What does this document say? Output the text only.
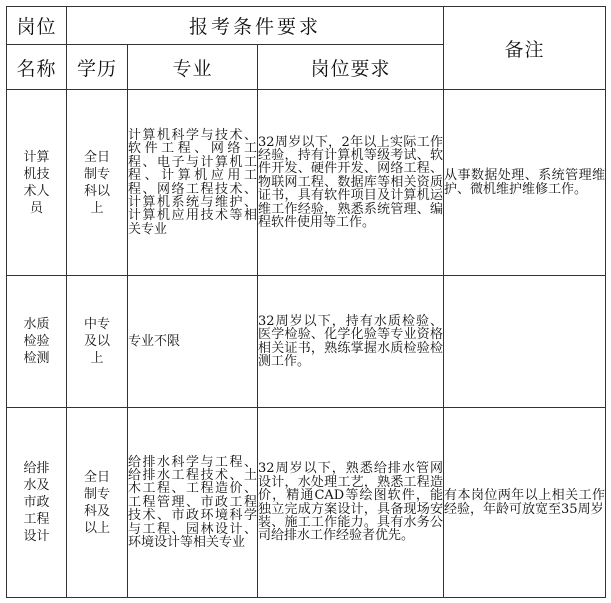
岗位	报考条件要求			备注
名称	学历	专业	岗位要求	

计算机技术人员	全日制专科以上	计算机科学与技术、软件工程、网络工程、电子与计算机工程、计算机应用工程、网络工程技术、计算机系统与维护、计算机应用技术等相关专业	32周岁以下，2年以上实际工作经验，持有计算机等级考试、软件开发、硬件开发、网络工程、物联网工程、数据库等相关资质证书，具有软件项目及计算机运维工作经验，熟悉系统管理、编程软件使用等工作。	从事数据处理、系统管理维护、微机维护维修工作。

水质检验检测	中专及以上	专业不限	32周岁以下，持有水质检验、医学检验、化学化验等专业资格相关证书，熟练掌握水质检验检测工作。	

给排水及市政工程设计	全日制专科及以上	给排水科学与工程、给排水工程技术、土木工程、工程造价、工程管理、市政工程技术、市政环境科学与工程、园林设计、环境设计等相关专业	32周岁以下，熟悉给排水管网设计，水处理工艺，熟悉工程造价，精通CAD等绘图软件，能独立完成方案设计，具备现场安装、施工工作能力。具有水务公司给排水工作经验者优先。	有本岗位两年以上相关工作经验，年龄可放宽至35周岁
